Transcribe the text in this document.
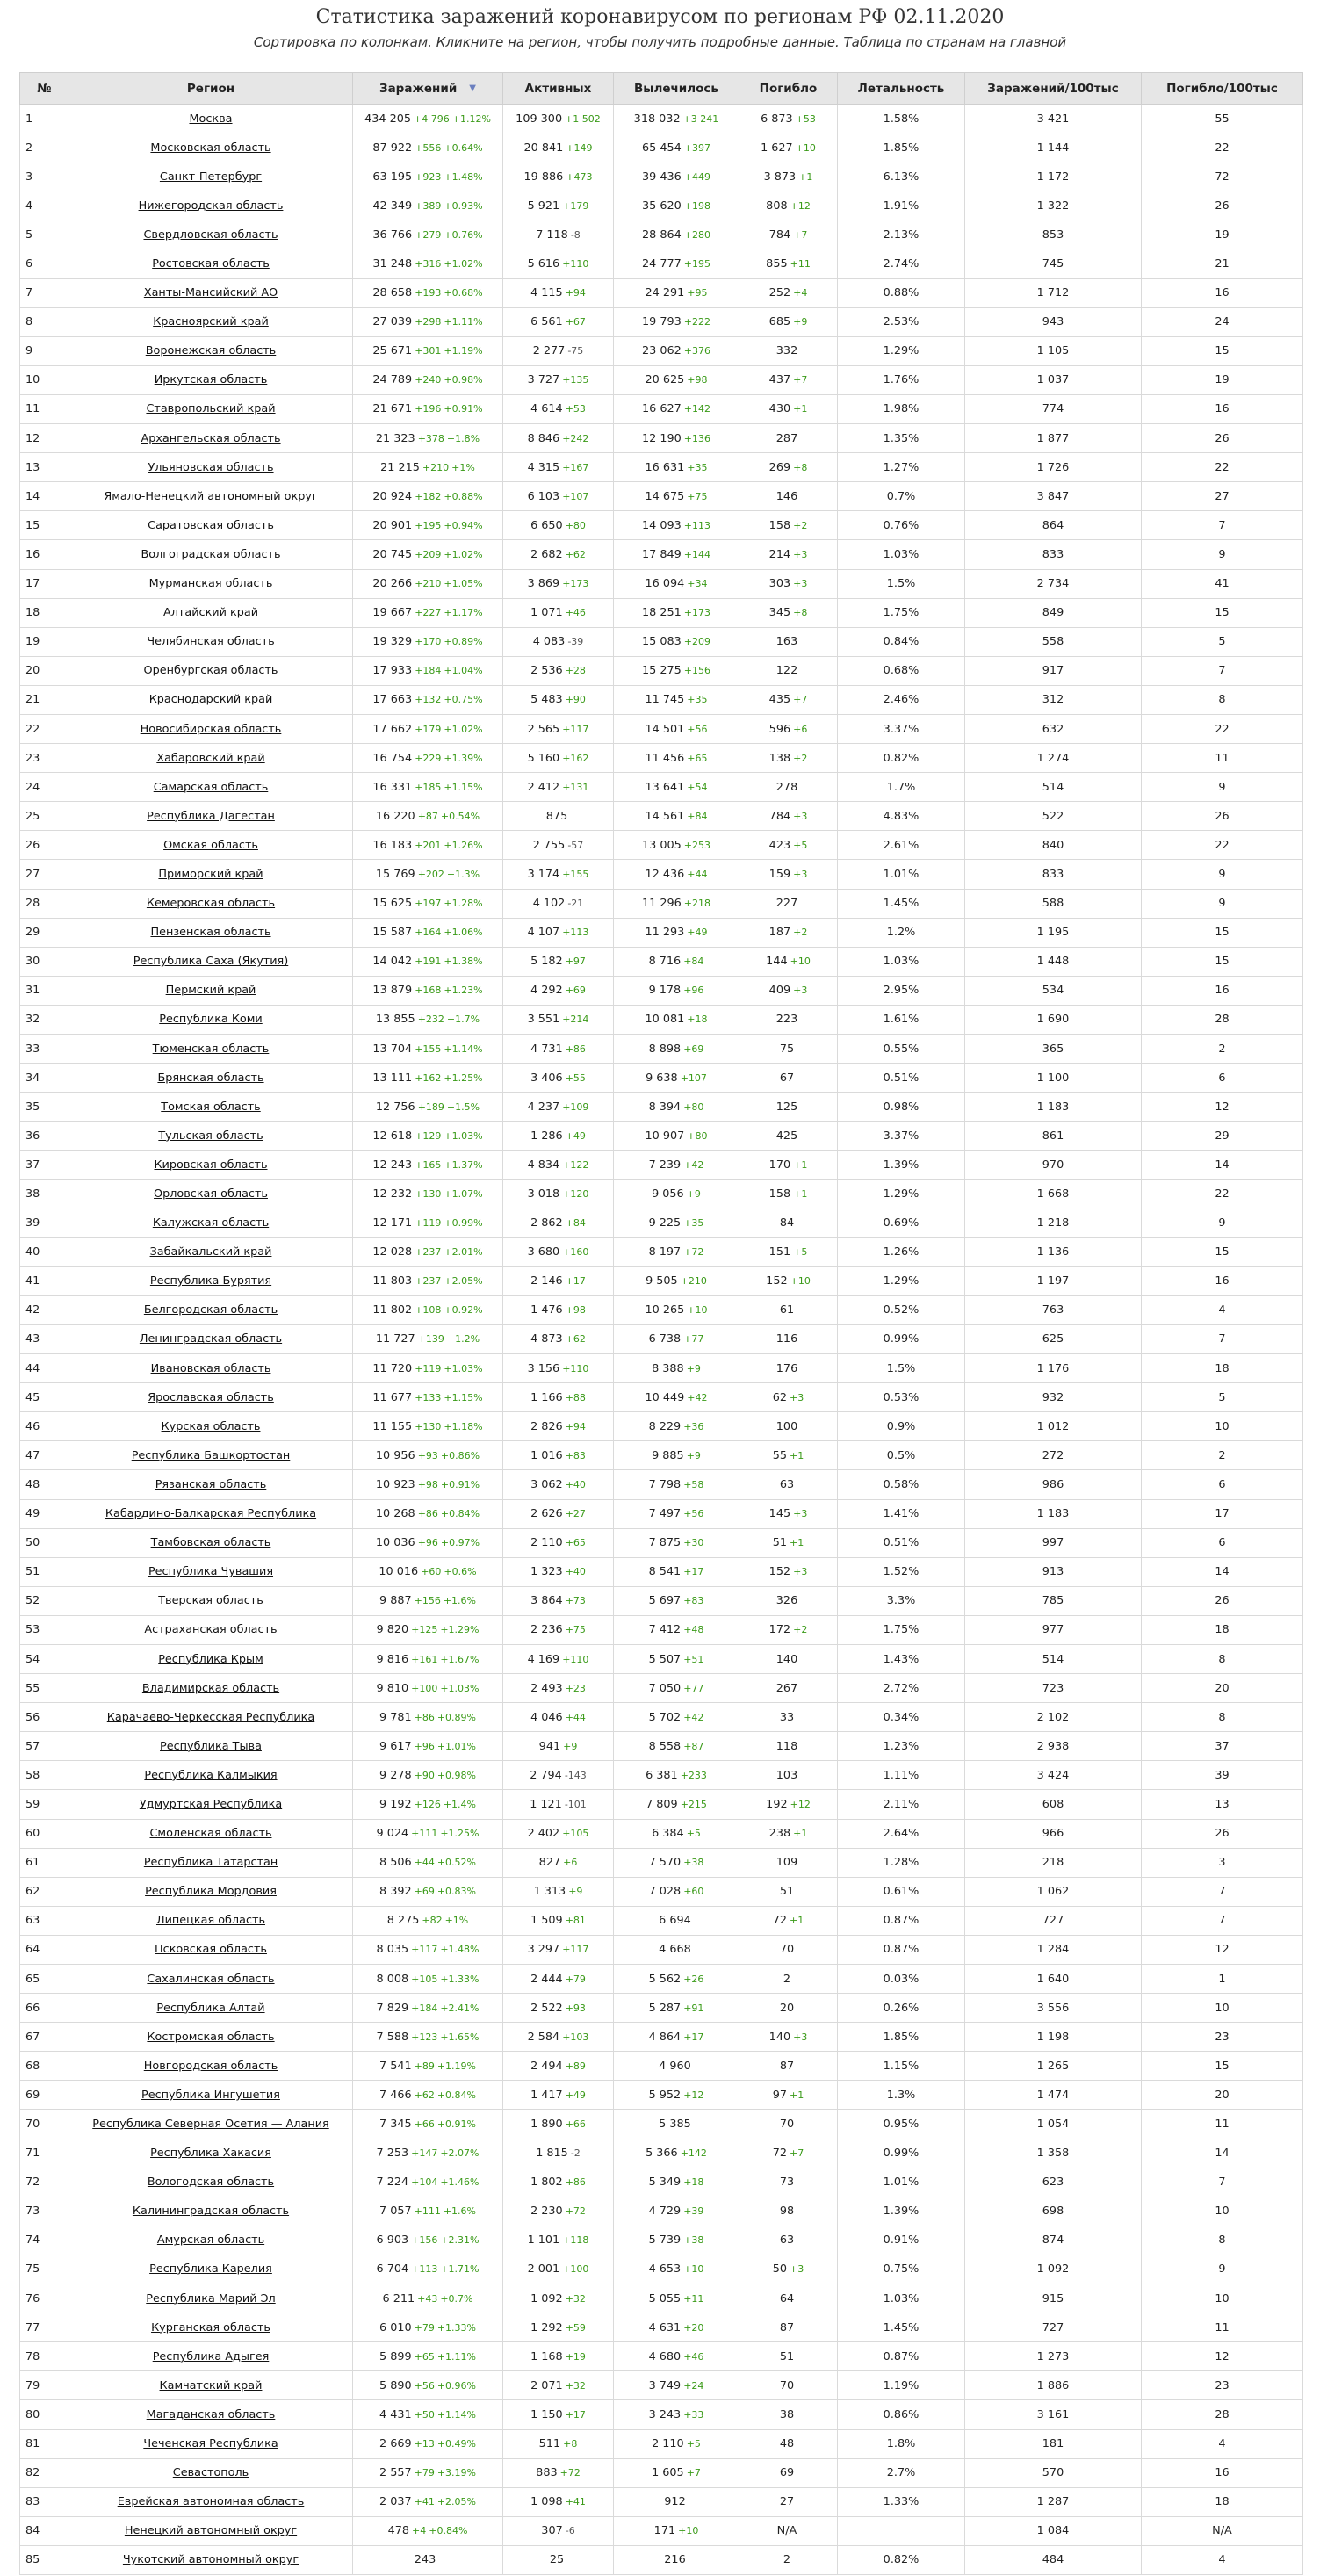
Статистика заражений коронавирусом по регионам РФ 02.11.2020
Сортировка по колонкам. Кликните на регион, чтобы получить подробные данные. Таблица по странам на главной
№	Регион	Заражений ▼	Активных	Вылечилось	Погибло	Летальность	Заражений/100тыс	Погибло/100тыс
1	Москва	434 205 +4 796 +1.12%	109 300 +1 502	318 032 +3 241	6 873 +53	1.58%	3 421	55
2	Московская область	87 922 +556 +0.64%	20 841 +149	65 454 +397	1 627 +10	1.85%	1 144	22
3	Санкт-Петербург	63 195 +923 +1.48%	19 886 +473	39 436 +449	3 873 +1	6.13%	1 172	72
4	Нижегородская область	42 349 +389 +0.93%	5 921 +179	35 620 +198	808 +12	1.91%	1 322	26
5	Свердловская область	36 766 +279 +0.76%	7 118 -8	28 864 +280	784 +7	2.13%	853	19
6	Ростовская область	31 248 +316 +1.02%	5 616 +110	24 777 +195	855 +11	2.74%	745	21
7	Ханты-Мансийский АО	28 658 +193 +0.68%	4 115 +94	24 291 +95	252 +4	0.88%	1 712	16
8	Красноярский край	27 039 +298 +1.11%	6 561 +67	19 793 +222	685 +9	2.53%	943	24
9	Воронежская область	25 671 +301 +1.19%	2 277 -75	23 062 +376	332	1.29%	1 105	15
10	Иркутская область	24 789 +240 +0.98%	3 727 +135	20 625 +98	437 +7	1.76%	1 037	19
11	Ставропольский край	21 671 +196 +0.91%	4 614 +53	16 627 +142	430 +1	1.98%	774	16
12	Архангельская область	21 323 +378 +1.8%	8 846 +242	12 190 +136	287	1.35%	1 877	26
13	Ульяновская область	21 215 +210 +1%	4 315 +167	16 631 +35	269 +8	1.27%	1 726	22
14	Ямало-Ненецкий автономный округ	20 924 +182 +0.88%	6 103 +107	14 675 +75	146	0.7%	3 847	27
15	Саратовская область	20 901 +195 +0.94%	6 650 +80	14 093 +113	158 +2	0.76%	864	7
16	Волгоградская область	20 745 +209 +1.02%	2 682 +62	17 849 +144	214 +3	1.03%	833	9
17	Мурманская область	20 266 +210 +1.05%	3 869 +173	16 094 +34	303 +3	1.5%	2 734	41
18	Алтайский край	19 667 +227 +1.17%	1 071 +46	18 251 +173	345 +8	1.75%	849	15
19	Челябинская область	19 329 +170 +0.89%	4 083 -39	15 083 +209	163	0.84%	558	5
20	Оренбургская область	17 933 +184 +1.04%	2 536 +28	15 275 +156	122	0.68%	917	7
21	Краснодарский край	17 663 +132 +0.75%	5 483 +90	11 745 +35	435 +7	2.46%	312	8
22	Новосибирская область	17 662 +179 +1.02%	2 565 +117	14 501 +56	596 +6	3.37%	632	22
23	Хабаровский край	16 754 +229 +1.39%	5 160 +162	11 456 +65	138 +2	0.82%	1 274	11
24	Самарская область	16 331 +185 +1.15%	2 412 +131	13 641 +54	278	1.7%	514	9
25	Республика Дагестан	16 220 +87 +0.54%	875	14 561 +84	784 +3	4.83%	522	26
26	Омская область	16 183 +201 +1.26%	2 755 -57	13 005 +253	423 +5	2.61%	840	22
27	Приморский край	15 769 +202 +1.3%	3 174 +155	12 436 +44	159 +3	1.01%	833	9
28	Кемеровская область	15 625 +197 +1.28%	4 102 -21	11 296 +218	227	1.45%	588	9
29	Пензенская область	15 587 +164 +1.06%	4 107 +113	11 293 +49	187 +2	1.2%	1 195	15
30	Республика Саха (Якутия)	14 042 +191 +1.38%	5 182 +97	8 716 +84	144 +10	1.03%	1 448	15
31	Пермский край	13 879 +168 +1.23%	4 292 +69	9 178 +96	409 +3	2.95%	534	16
32	Республика Коми	13 855 +232 +1.7%	3 551 +214	10 081 +18	223	1.61%	1 690	28
33	Тюменская область	13 704 +155 +1.14%	4 731 +86	8 898 +69	75	0.55%	365	2
34	Брянская область	13 111 +162 +1.25%	3 406 +55	9 638 +107	67	0.51%	1 100	6
35	Томская область	12 756 +189 +1.5%	4 237 +109	8 394 +80	125	0.98%	1 183	12
36	Тульская область	12 618 +129 +1.03%	1 286 +49	10 907 +80	425	3.37%	861	29
37	Кировская область	12 243 +165 +1.37%	4 834 +122	7 239 +42	170 +1	1.39%	970	14
38	Орловская область	12 232 +130 +1.07%	3 018 +120	9 056 +9	158 +1	1.29%	1 668	22
39	Калужская область	12 171 +119 +0.99%	2 862 +84	9 225 +35	84	0.69%	1 218	9
40	Забайкальский край	12 028 +237 +2.01%	3 680 +160	8 197 +72	151 +5	1.26%	1 136	15
41	Республика Бурятия	11 803 +237 +2.05%	2 146 +17	9 505 +210	152 +10	1.29%	1 197	16
42	Белгородская область	11 802 +108 +0.92%	1 476 +98	10 265 +10	61	0.52%	763	4
43	Ленинградская область	11 727 +139 +1.2%	4 873 +62	6 738 +77	116	0.99%	625	7
44	Ивановская область	11 720 +119 +1.03%	3 156 +110	8 388 +9	176	1.5%	1 176	18
45	Ярославская область	11 677 +133 +1.15%	1 166 +88	10 449 +42	62 +3	0.53%	932	5
46	Курская область	11 155 +130 +1.18%	2 826 +94	8 229 +36	100	0.9%	1 012	10
47	Республика Башкортостан	10 956 +93 +0.86%	1 016 +83	9 885 +9	55 +1	0.5%	272	2
48	Рязанская область	10 923 +98 +0.91%	3 062 +40	7 798 +58	63	0.58%	986	6
49	Кабардино-Балкарская Республика	10 268 +86 +0.84%	2 626 +27	7 497 +56	145 +3	1.41%	1 183	17
50	Тамбовская область	10 036 +96 +0.97%	2 110 +65	7 875 +30	51 +1	0.51%	997	6
51	Республика Чувашия	10 016 +60 +0.6%	1 323 +40	8 541 +17	152 +3	1.52%	913	14
52	Тверская область	9 887 +156 +1.6%	3 864 +73	5 697 +83	326	3.3%	785	26
53	Астраханская область	9 820 +125 +1.29%	2 236 +75	7 412 +48	172 +2	1.75%	977	18
54	Республика Крым	9 816 +161 +1.67%	4 169 +110	5 507 +51	140	1.43%	514	8
55	Владимирская область	9 810 +100 +1.03%	2 493 +23	7 050 +77	267	2.72%	723	20
56	Карачаево-Черкесская Республика	9 781 +86 +0.89%	4 046 +44	5 702 +42	33	0.34%	2 102	8
57	Республика Тыва	9 617 +96 +1.01%	941 +9	8 558 +87	118	1.23%	2 938	37
58	Республика Калмыкия	9 278 +90 +0.98%	2 794 -143	6 381 +233	103	1.11%	3 424	39
59	Удмуртская Республика	9 192 +126 +1.4%	1 121 -101	7 809 +215	192 +12	2.11%	608	13
60	Смоленская область	9 024 +111 +1.25%	2 402 +105	6 384 +5	238 +1	2.64%	966	26
61	Республика Татарстан	8 506 +44 +0.52%	827 +6	7 570 +38	109	1.28%	218	3
62	Республика Мордовия	8 392 +69 +0.83%	1 313 +9	7 028 +60	51	0.61%	1 062	7
63	Липецкая область	8 275 +82 +1%	1 509 +81	6 694	72 +1	0.87%	727	7
64	Псковская область	8 035 +117 +1.48%	3 297 +117	4 668	70	0.87%	1 284	12
65	Сахалинская область	8 008 +105 +1.33%	2 444 +79	5 562 +26	2	0.03%	1 640	1
66	Республика Алтай	7 829 +184 +2.41%	2 522 +93	5 287 +91	20	0.26%	3 556	10
67	Костромская область	7 588 +123 +1.65%	2 584 +103	4 864 +17	140 +3	1.85%	1 198	23
68	Новгородская область	7 541 +89 +1.19%	2 494 +89	4 960	87	1.15%	1 265	15
69	Республика Ингушетия	7 466 +62 +0.84%	1 417 +49	5 952 +12	97 +1	1.3%	1 474	20
70	Республика Северная Осетия — Алания	7 345 +66 +0.91%	1 890 +66	5 385	70	0.95%	1 054	11
71	Республика Хакасия	7 253 +147 +2.07%	1 815 -2	5 366 +142	72 +7	0.99%	1 358	14
72	Вологодская область	7 224 +104 +1.46%	1 802 +86	5 349 +18	73	1.01%	623	7
73	Калининградская область	7 057 +111 +1.6%	2 230 +72	4 729 +39	98	1.39%	698	10
74	Амурская область	6 903 +156 +2.31%	1 101 +118	5 739 +38	63	0.91%	874	8
75	Республика Карелия	6 704 +113 +1.71%	2 001 +100	4 653 +10	50 +3	0.75%	1 092	9
76	Республика Марий Эл	6 211 +43 +0.7%	1 092 +32	5 055 +11	64	1.03%	915	10
77	Курганская область	6 010 +79 +1.33%	1 292 +59	4 631 +20	87	1.45%	727	11
78	Республика Адыгея	5 899 +65 +1.11%	1 168 +19	4 680 +46	51	0.87%	1 273	12
79	Камчатский край	5 890 +56 +0.96%	2 071 +32	3 749 +24	70	1.19%	1 886	23
80	Магаданская область	4 431 +50 +1.14%	1 150 +17	3 243 +33	38	0.86%	3 161	28
81	Чеченская Республика	2 669 +13 +0.49%	511 +8	2 110 +5	48	1.8%	181	4
82	Севастополь	2 557 +79 +3.19%	883 +72	1 605 +7	69	2.7%	570	16
83	Еврейская автономная область	2 037 +41 +2.05%	1 098 +41	912	27	1.33%	1 287	18
84	Ненецкий автономный округ	478 +4 +0.84%	307 -6	171 +10	N/A		1 084	N/A
85	Чукотский автономный округ	243	25	216	2	0.82%	484	4
